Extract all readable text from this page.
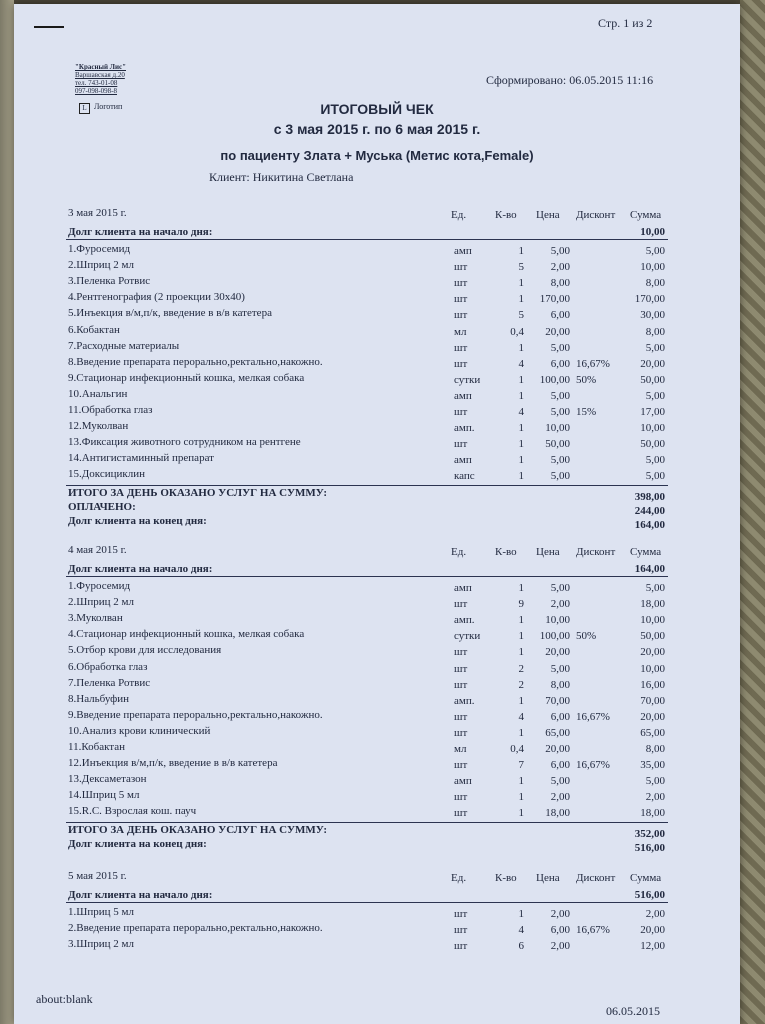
Стр. 1 из 2
"Красный Лис"
Варшавская д.20
тел. 743-01-08
097-098-098-8
L Логотип
Сформировано: 06.05.2015 11:16
ИТОГОВЫЙ ЧЕК
с 3 мая 2015 г. по 6 мая 2015 г.
по пациенту Злата + Муська (Метис кота,Female)
Клиент: Никитина Светлана
3 мая 2015 г.	Ед.	К-во Цена Дисконт Сумма
Долг клиента на начало дня:	10,00
1.Фуросемид	амп	1	5,00	5,00
2.Шприц 2 мл	шт	5	2,00	10,00
3.Пеленка Ротвис	шт	1	8,00	8,00
4.Рентгенография (2 проекции 30х40)	шт	1	170,00	170,00
5.Инъекция в/м,п/к, введение в в/в катетера	шт	5	6,00	30,00
6.Кобактан	мл	0,4	20,00	8,00
7.Расходные материалы	шт	1	5,00	5,00
8.Введение препарата перорально,ректально,накожно.	шт	4	6,00 16,67%	20,00
9.Стационар инфекционный кошка, мелкая собака	сутки	1	100,00 50%	50,00
10.Анальгин	амп	1	5,00	5,00
11.Обработка глаз	шт	4	5,00 15%	17,00
12.Муколван	амп.	1	10,00	10,00
13.Фиксация животного сотрудником на рентгене	шт	1	50,00	50,00
14.Антигистаминный препарат	амп	1	5,00	5,00
15.Доксициклин	капс	1	5,00	5,00
ИТОГО ЗА ДЕНЬ ОКАЗАНО УСЛУГ НА СУММУ:	398,00
ОПЛАЧЕНО:	244,00
Долг клиента на конец дня:	164,00
4 мая 2015 г.	Ед.	К-во Цена Дисконт Сумма
Долг клиента на начало дня:	164,00
1.Фуросемид	амп	1	5,00	5,00
2.Шприц 2 мл	шт	9	2,00	18,00
3.Муколван	амп.	1	10,00	10,00
4.Стационар инфекционный кошка, мелкая собака	сутки	1	100,00 50%	50,00
5.Отбор крови для исследования	шт	1	20,00	20,00
6.Обработка глаз	шт	2	5,00	10,00
7.Пеленка Ротвис	шт	2	8,00	16,00
8.Нальбуфин	амп.	1	70,00	70,00
9.Введение препарата перорально,ректально,накожно.	шт	4	6,00 16,67%	20,00
10.Анализ крови клинический	шт	1	65,00	65,00
11.Кобактан	мл	0,4	20,00	8,00
12.Инъекция в/м,п/к, введение в в/в катетера	шт	7	6,00 16,67%	35,00
13.Дексаметазон	амп	1	5,00	5,00
14.Шприц 5 мл	шт	1	2,00	2,00
15.R.C. Взрослая кош. пауч	шт	1	18,00	18,00
ИТОГО ЗА ДЕНЬ ОКАЗАНО УСЛУГ НА СУММУ:	352,00
Долг клиента на конец дня:	516,00
5 мая 2015 г.	Ед.	К-во Цена Дисконт Сумма
Долг клиента на начало дня:	516,00
1.Шприц 5 мл	шт	1	2,00	2,00
2.Введение препарата перорально,ректально,накожно.	шт	4	6,00 16,67%	20,00
3.Шприц 2 мл	шт	6	2,00	12,00
about:blank
06.05.2015
